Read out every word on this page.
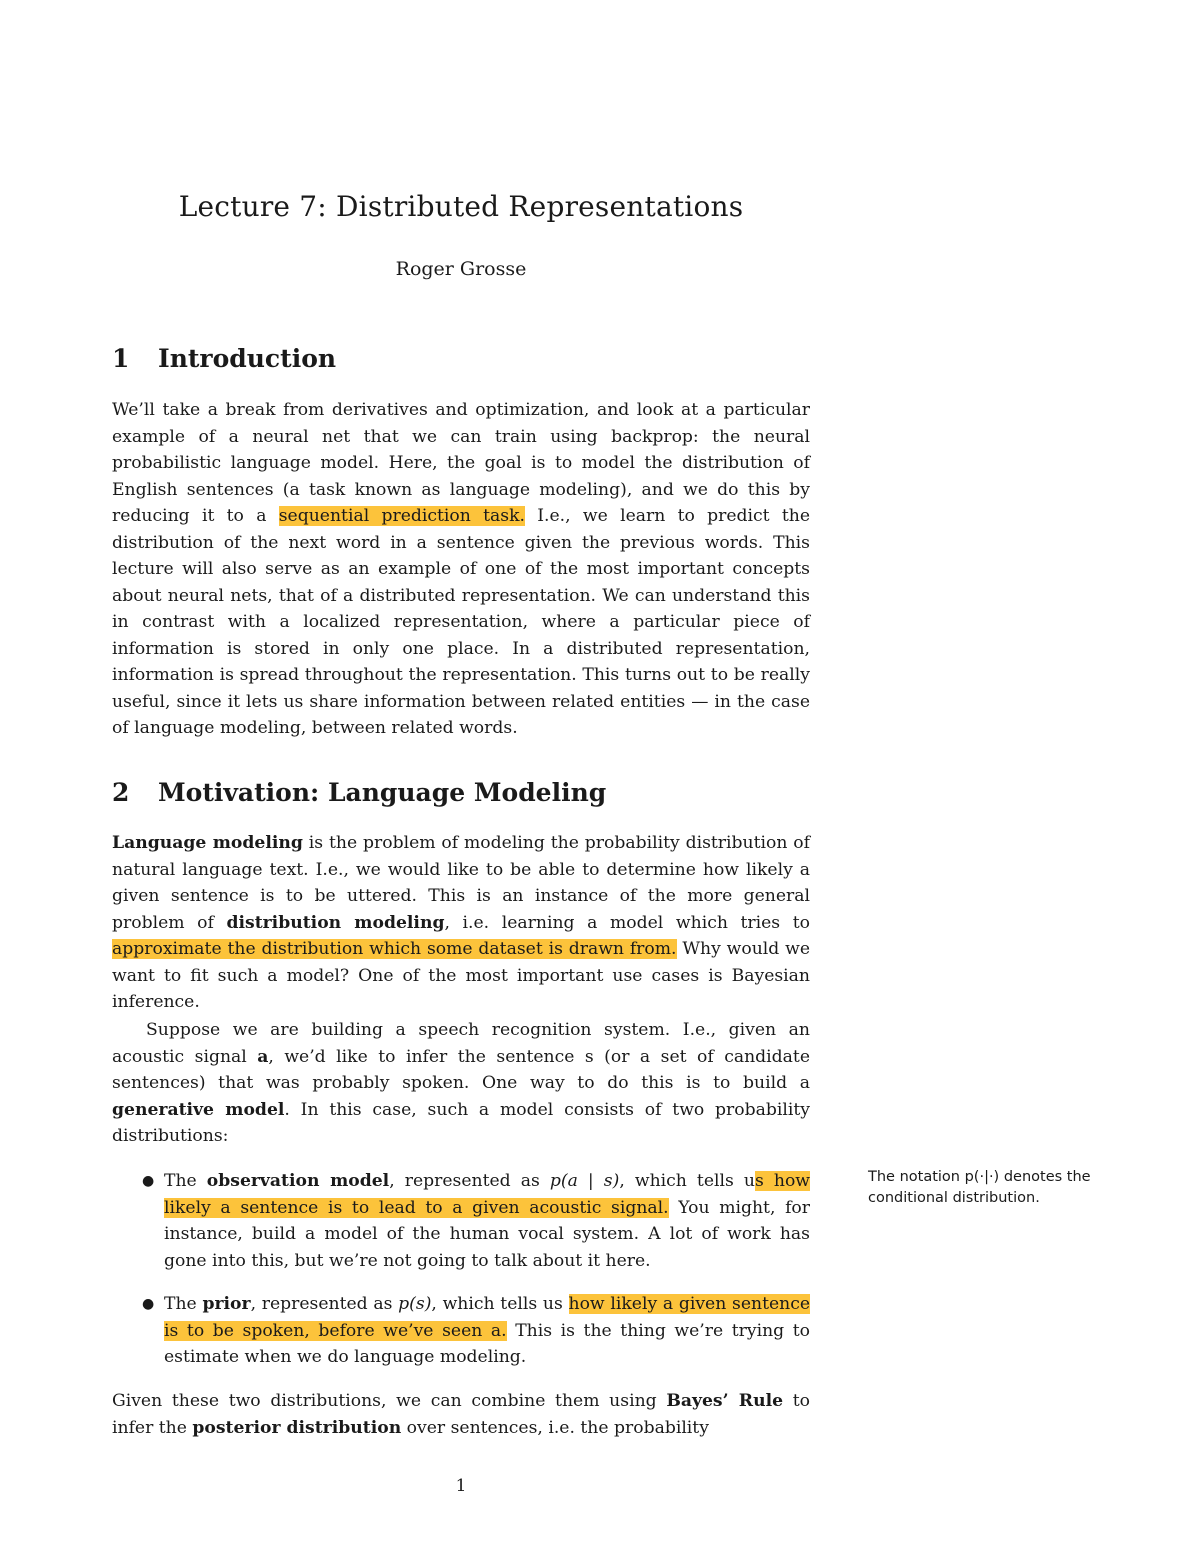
Lecture 7: Distributed Representations

Roger Grosse

1 Introduction

We’ll take a break from derivatives and optimization, and look at a particular example of a neural net that we can train using backprop: the neural probabilistic language model. Here, the goal is to model the distribution of English sentences (a task known as language modeling), and we do this by reducing it to a sequential prediction task. I.e., we learn to predict the distribution of the next word in a sentence given the previous words. This lecture will also serve as an example of one of the most important concepts about neural nets, that of a distributed representation. We can understand this in contrast with a localized representation, where a particular piece of information is stored in only one place. In a distributed representation, information is spread throughout the representation. This turns out to be really useful, since it lets us share information between related entities — in the case of language modeling, between related words.

2 Motivation: Language Modeling

Language modeling is the problem of modeling the probability distribution of natural language text. I.e., we would like to be able to determine how likely a given sentence is to be uttered. This is an instance of the more general problem of distribution modeling, i.e. learning a model which tries to approximate the distribution which some dataset is drawn from. Why would we want to fit such a model? One of the most important use cases is Bayesian inference.

Suppose we are building a speech recognition system. I.e., given an acoustic signal a, we’d like to infer the sentence s (or a set of candidate sentences) that was probably spoken. One way to do this is to build a generative model. In this case, such a model consists of two probability distributions:

● The observation model, represented as p(a | s), which tells us how likely a sentence is to lead to a given acoustic signal. You might, for instance, build a model of the human vocal system. A lot of work has gone into this, but we’re not going to talk about it here.
● The prior, represented as p(s), which tells us how likely a given sentence is to be spoken, before we’ve seen a. This is the thing we’re trying to estimate when we do language modeling.

Given these two distributions, we can combine them using Bayes’ Rule to infer the posterior distribution over sentences, i.e. the probability

The notation p(·|·) denotes the conditional distribution.

1
